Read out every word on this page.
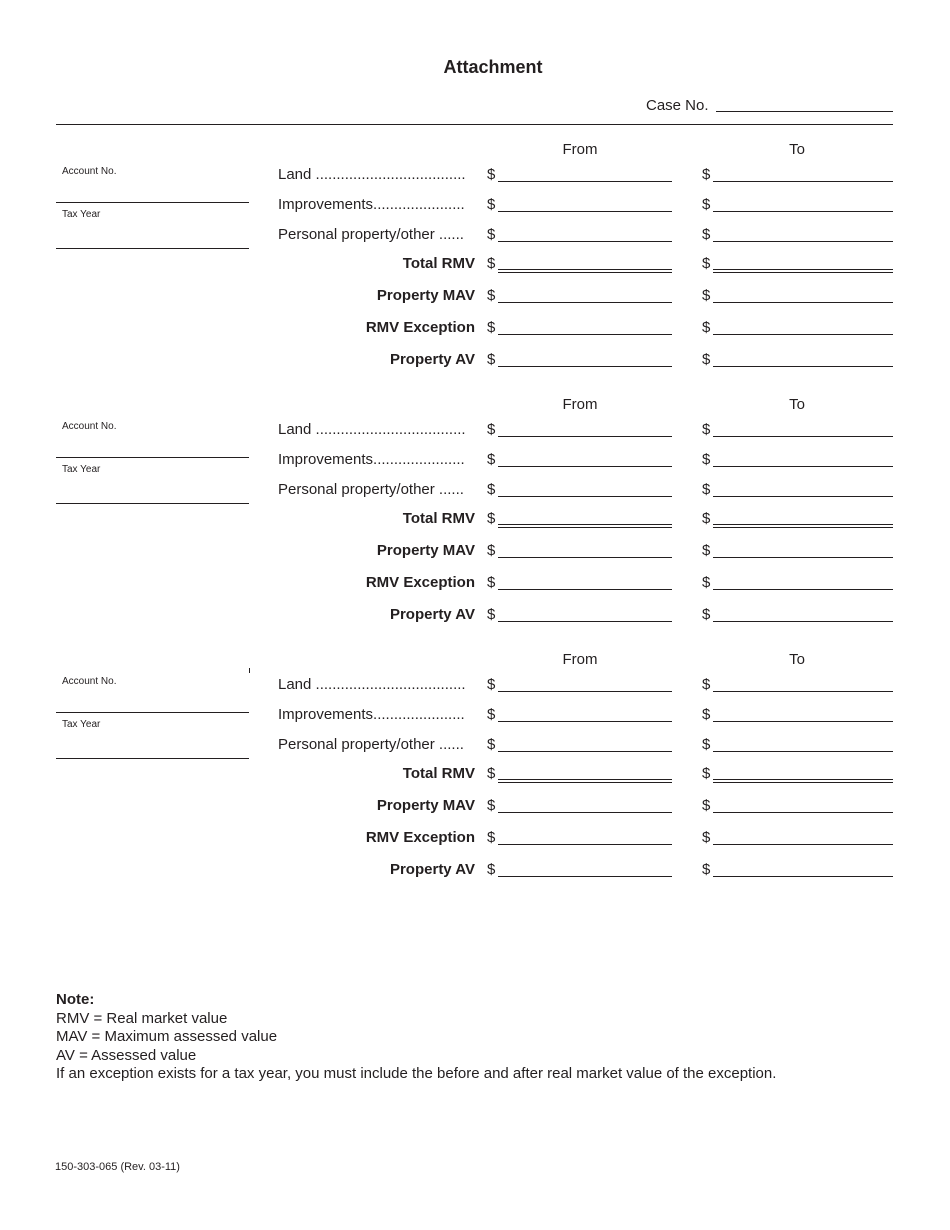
Attachment
Case No.
From	To
Account No.
Tax Year
Land ....................................	$	$
Improvements......................	$	$
Personal property/other ......	$	$
Total RMV $	$
Property MAV $	$
RMV Exception $	$
Property AV $	$
From	To
Account No.
Tax Year
Land ....................................	$	$
Improvements......................	$	$
Personal property/other ......	$	$
Total RMV $	$
Property MAV $	$
RMV Exception $	$
Property AV $	$
From	To
Account No.
Tax Year
Land ....................................	$	$
Improvements......................	$	$
Personal property/other ......	$	$
Total RMV $	$
Property MAV $	$
RMV Exception $	$
Property AV $	$
Note:
RMV = Real market value
MAV = Maximum assessed value
AV = Assessed value
If an exception exists for a tax year, you must include the before and after real market value of the exception.
150-303-065 (Rev. 03-11)
